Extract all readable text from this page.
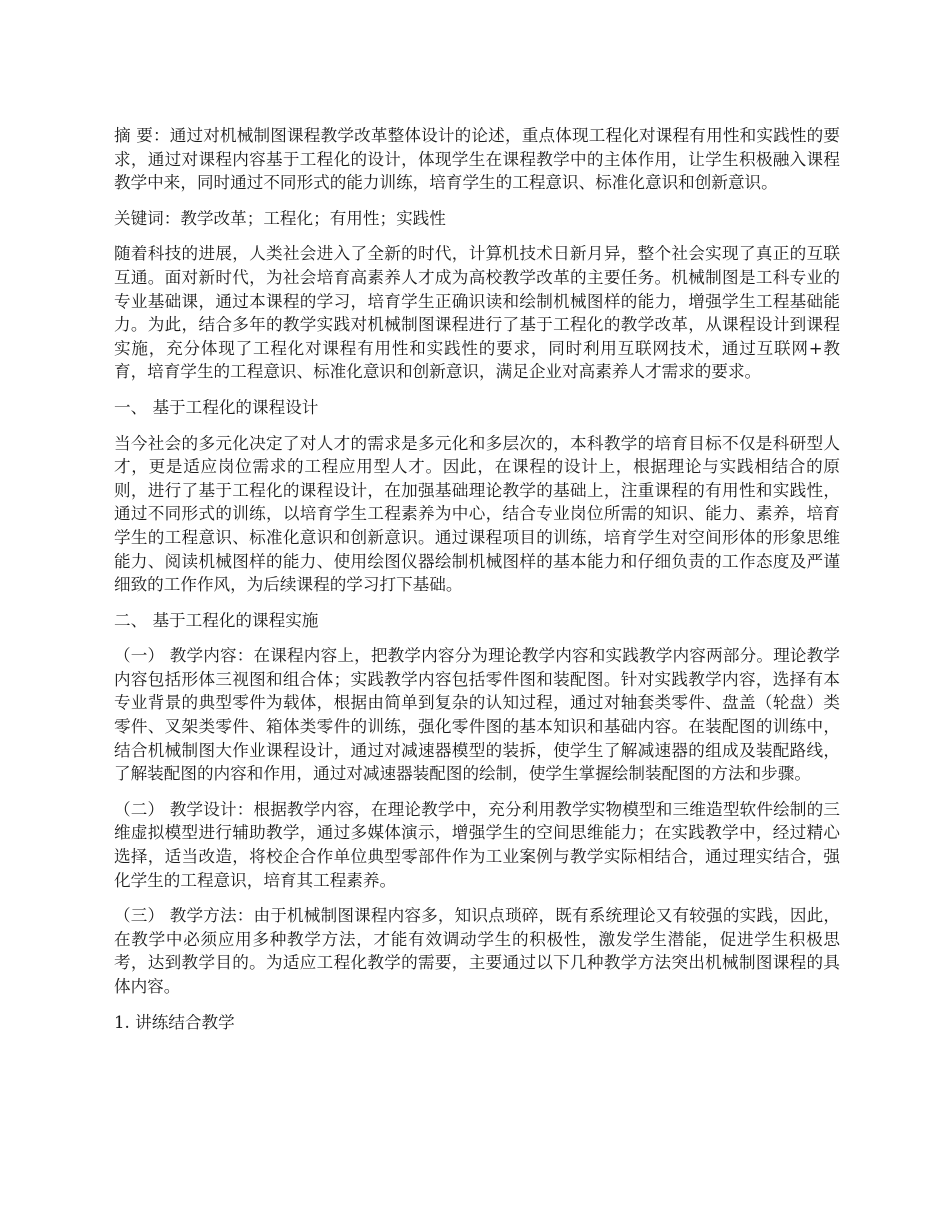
摘 要：通过对机械制图课程教学改革整体设计的论述，重点体现工程化对课程有用性和实践性的要求，通过对课程内容基于工程化的设计，体现学生在课程教学中的主体作用，让学生积极融入课程教学中来，同时通过不同形式的能力训练，培育学生的工程意识、标准化意识和创新意识。

关键词：教学改革；工程化；有用性；实践性

随着科技的进展，人类社会进入了全新的时代，计算机技术日新月异，整个社会实现了真正的互联互通。面对新时代，为社会培育高素养人才成为高校教学改革的主要任务。机械制图是工科专业的专业基础课，通过本课程的学习，培育学生正确识读和绘制机械图样的能力，增强学生工程基础能力。为此，结合多年的教学实践对机械制图课程进行了基于工程化的教学改革，从课程设计到课程实施，充分体现了工程化对课程有用性和实践性的要求，同时利用互联网技术，通过互联网+教育，培育学生的工程意识、标准化意识和创新意识，满足企业对高素养人才需求的要求。

一、 基于工程化的课程设计

当今社会的多元化决定了对人才的需求是多元化和多层次的，本科教学的培育目标不仅是科研型人才，更是适应岗位需求的工程应用型人才。因此，在课程的设计上，根据理论与实践相结合的原则，进行了基于工程化的课程设计，在加强基础理论教学的基础上，注重课程的有用性和实践性，通过不同形式的训练，以培育学生工程素养为中心，结合专业岗位所需的知识、能力、素养，培育学生的工程意识、标准化意识和创新意识。通过课程项目的训练，培育学生对空间形体的形象思维能力、阅读机械图样的能力、使用绘图仪器绘制机械图样的基本能力和仔细负责的工作态度及严谨细致的工作作风，为后续课程的学习打下基础。

二、 基于工程化的课程实施

（一） 教学内容：在课程内容上，把教学内容分为理论教学内容和实践教学内容两部分。理论教学内容包括形体三视图和组合体；实践教学内容包括零件图和装配图。针对实践教学内容，选择有本专业背景的典型零件为载体，根据由简单到复杂的认知过程，通过对轴套类零件、盘盖（轮盘）类零件、叉架类零件、箱体类零件的训练，强化零件图的基本知识和基础内容。在装配图的训练中，结合机械制图大作业课程设计，通过对减速器模型的装拆，使学生了解减速器的组成及装配路线，了解装配图的内容和作用，通过对减速器装配图的绘制，使学生掌握绘制装配图的方法和步骤。

（二） 教学设计：根据教学内容，在理论教学中，充分利用教学实物模型和三维造型软件绘制的三维虚拟模型进行辅助教学，通过多媒体演示，增强学生的空间思维能力；在实践教学中，经过精心选择，适当改造，将校企合作单位典型零部件作为工业案例与教学实际相结合，通过理实结合，强化学生的工程意识，培育其工程素养。

（三） 教学方法：由于机械制图课程内容多，知识点琐碎，既有系统理论又有较强的实践，因此，在教学中必须应用多种教学方法，才能有效调动学生的积极性，激发学生潜能，促进学生积极思考，达到教学目的。为适应工程化教学的需要，主要通过以下几种教学方法突出机械制图课程的具体内容。

1. 讲练结合教学
